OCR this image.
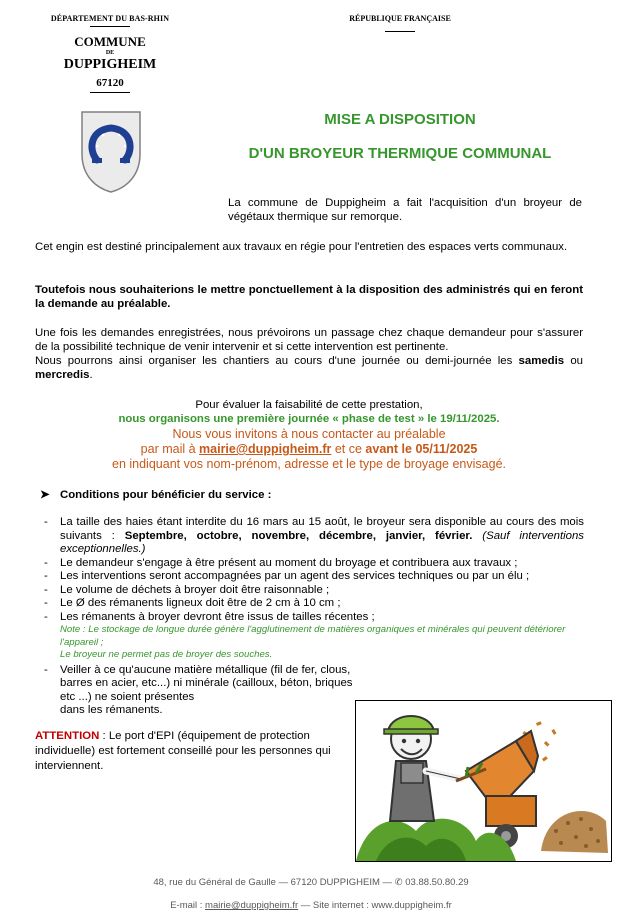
DÉPARTEMENT DU BAS-RHIN
COMMUNE
DE
DUPPIGHEIM
67120
RÉPUBLIQUE FRANÇAISE
MISE A DISPOSITION
D'UN BROYEUR THERMIQUE COMMUNAL
La commune de Duppigheim a fait l'acquisition d'un broyeur de végétaux thermique sur remorque.
Cet engin est destiné principalement aux travaux en régie pour l'entretien des espaces verts communaux.
Toutefois nous souhaiterions le mettre ponctuellement à la disposition des administrés qui en feront la demande au préalable.
Une fois les demandes enregistrées, nous prévoirons un passage chez chaque demandeur pour s'assurer de la possibilité technique de venir intervenir et si cette intervention est pertinente.
Nous pourrons ainsi organiser les chantiers au cours d'une journée ou demi-journée les samedis ou mercredis.
Pour évaluer la faisabilité de cette prestation,
nous organisons une première journée « phase de test » le 19/11/2025.
Nous vous invitons à nous contacter au préalable
par mail à mairie@duppigheim.fr et ce avant le 05/11/2025
en indiquant vos nom-prénom, adresse et le type de broyage envisagé.
➤ Conditions pour bénéficier du service :
- La taille des haies étant interdite du 16 mars au 15 août, le broyeur sera disponible au cours des mois suivants : Septembre, octobre, novembre, décembre, janvier, février. (Sauf interventions exceptionnelles.)
- Le demandeur s'engage à être présent au moment du broyage et contribuera aux travaux ;
- Les interventions seront accompagnées par un agent des services techniques ou par un élu ;
- Le volume de déchets à broyer doit être raisonnable ;
- Le Ø des rémanents ligneux doit être de 2 cm à 10 cm ;
- Les rémanents à broyer devront être issus de tailles récentes ;
Note : Le stockage de longue durée génère l'agglutinement de matières organiques et minérales qui peuvent détériorer l'appareil ;
Le broyeur ne permet pas de broyer des souches.
- Veiller à ce qu'aucune matière métallique (fil de fer, clous, barres en acier, etc...) ni minérale (cailloux, béton, briques etc ...) ne soient présentes
dans les rémanents.
ATTENTION : Le port d'EPI (équipement de protection individuelle) est fortement conseillé pour les personnes qui interviennent.
48, rue du Général de Gaulle — 67120 DUPPIGHEIM — ✆ 03.88.50.80.29
E-mail : mairie@duppigheim.fr — Site internet : www.duppigheim.fr
